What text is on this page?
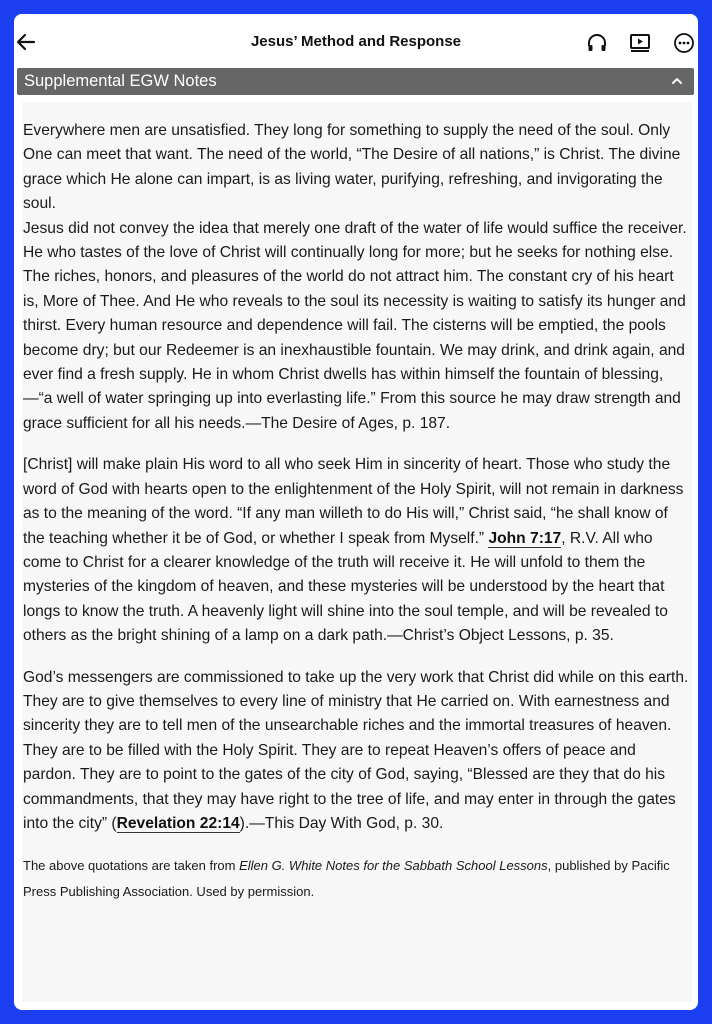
Jesus’ Method and Response
Supplemental EGW Notes

Everywhere men are unsatisfied. They long for something to supply the need of the soul. Only One can meet that want. The need of the world, “The Desire of all nations,” is Christ. The divine grace which He alone can impart, is as living water, purifying, refreshing, and invigorating the soul.

Jesus did not convey the idea that merely one draft of the water of life would suffice the receiver. He who tastes of the love of Christ will continually long for more; but he seeks for nothing else. The riches, honors, and pleasures of the world do not attract him. The constant cry of his heart is, More of Thee. And He who reveals to the soul its necessity is waiting to satisfy its hunger and thirst. Every human resource and dependence will fail. The cisterns will be emptied, the pools become dry; but our Redeemer is an inexhaustible fountain. We may drink, and drink again, and ever find a fresh supply. He in whom Christ dwells has within himself the fountain of blessing,—“a well of water springing up into everlasting life.” From this source he may draw strength and grace sufficient for all his needs.—The Desire of Ages, p. 187.

[Christ] will make plain His word to all who seek Him in sincerity of heart. Those who study the word of God with hearts open to the enlightenment of the Holy Spirit, will not remain in darkness as to the meaning of the word. “If any man willeth to do His will,” Christ said, “he shall know of the teaching whether it be of God, or whether I speak from Myself.” John 7:17, R.V. All who come to Christ for a clearer knowledge of the truth will receive it. He will unfold to them the mysteries of the kingdom of heaven, and these mysteries will be understood by the heart that longs to know the truth. A heavenly light will shine into the soul temple, and will be revealed to others as the bright shining of a lamp on a dark path.—Christ’s Object Lessons, p. 35.

God’s messengers are commissioned to take up the very work that Christ did while on this earth. They are to give themselves to every line of ministry that He carried on. With earnestness and sincerity they are to tell men of the unsearchable riches and the immortal treasures of heaven. They are to be filled with the Holy Spirit. They are to repeat Heaven’s offers of peace and pardon. They are to point to the gates of the city of God, saying, “Blessed are they that do his commandments, that they may have right to the tree of life, and may enter in through the gates into the city” (Revelation 22:14).—This Day With God, p. 30.

The above quotations are taken from Ellen G. White Notes for the Sabbath School Lessons, published by Pacific Press Publishing Association. Used by permission.
